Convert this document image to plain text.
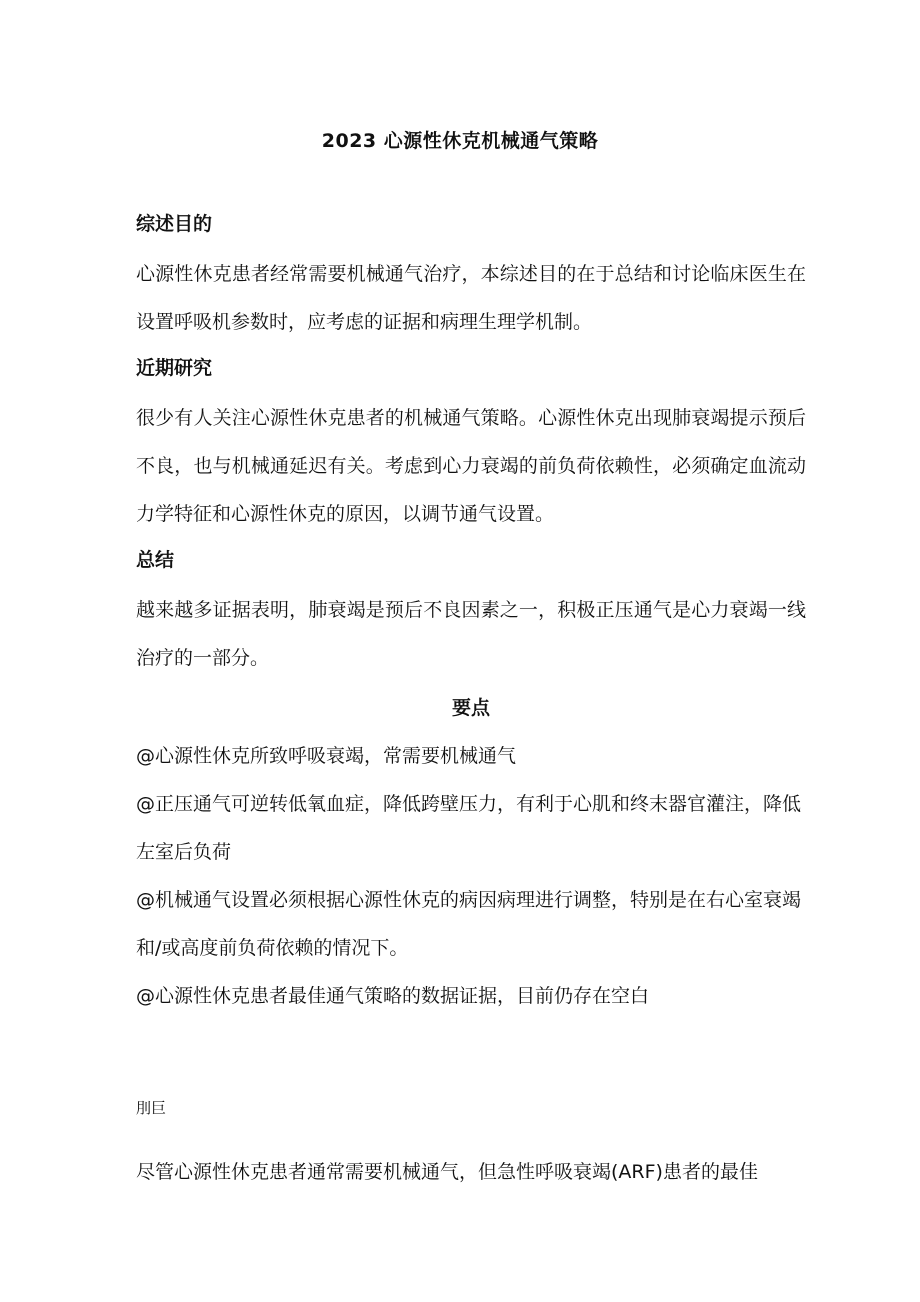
2023 心源性休克机械通气策略
综述目的
心源性休克患者经常需要机械通气治疗，本综述目的在于总结和讨论临床医生在设置呼吸机参数时，应考虑的证据和病理生理学机制。
近期研究
很少有人关注心源性休克患者的机械通气策略。心源性休克出现肺衰竭提示预后不良，也与机械通延迟有关。考虑到心力衰竭的前负荷依赖性，必须确定血流动力学特征和心源性休克的原因，以调节通气设置。
总结
越来越多证据表明，肺衰竭是预后不良因素之一，积极正压通气是心力衰竭一线治疗的一部分。
要点
@心源性休克所致呼吸衰竭，常需要机械通气
@正压通气可逆转低氧血症，降低跨壁压力，有利于心肌和终末器官灌注，降低左室后负荷
@机械通气设置必须根据心源性休克的病因病理进行调整，特别是在右心室衰竭和/或高度前负荷依赖的情况下。
@心源性休克患者最佳通气策略的数据证据，目前仍存在空白
刖巨
尽管心源性休克患者通常需要机械通气，但急性呼吸衰竭(ARF)患者的最佳
